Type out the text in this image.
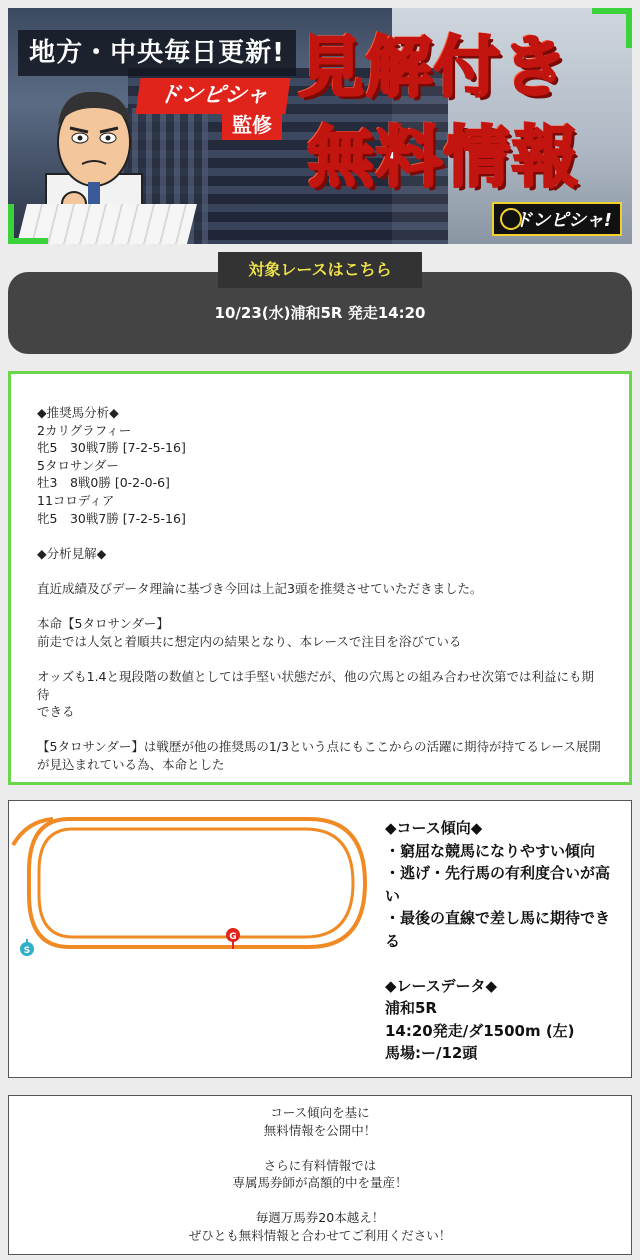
地方・中央毎日更新!
ドンピシャ
監修
見解付き
無料情報
ドンピシャ!
対象レースはこちら
10/23(水)浦和5R 発走14:20

◆推奨馬分析◆

2カリグラフィー

牝5　30戦7勝 [7-2-5-16]

5タロサンダー

牡3　8戦0勝 [0-2-0-6]

11コロディア

牝5　30戦7勝 [7-2-5-16]

◆分析見解◆

直近成績及びデータ理論に基づき今回は上記3頭を推奨させていただきました。

本命【5タロサンダー】

前走では人気と着順共に想定内の結果となり、本レースで注目を浴びている

オッズも1.4と現段階の数値としては手堅い状態だが、他の穴馬との組み合わせ次第では利益にも期待

できる

【5タロサンダー】は戦歴が他の推奨馬の1/3という点にもここからの活躍に期待が持てるレース展開

が見込まれている為、本命とした

S
G

◆コース傾向◆

・窮屈な競馬になりやすい傾向

・逃げ・先行馬の有利度合いが高

い

・最後の直線で差し馬に期待でき

る

◆レースデータ◆

浦和5R

14:20発走/ダ1500m (左)

馬場:ー/12頭

コース傾向を基に

無料情報を公開中！

さらに有料情報では

専属馬券師が高額的中を量産！

毎週万馬券20本越え！

ぜひとも無料情報と合わせてご利用ください！
